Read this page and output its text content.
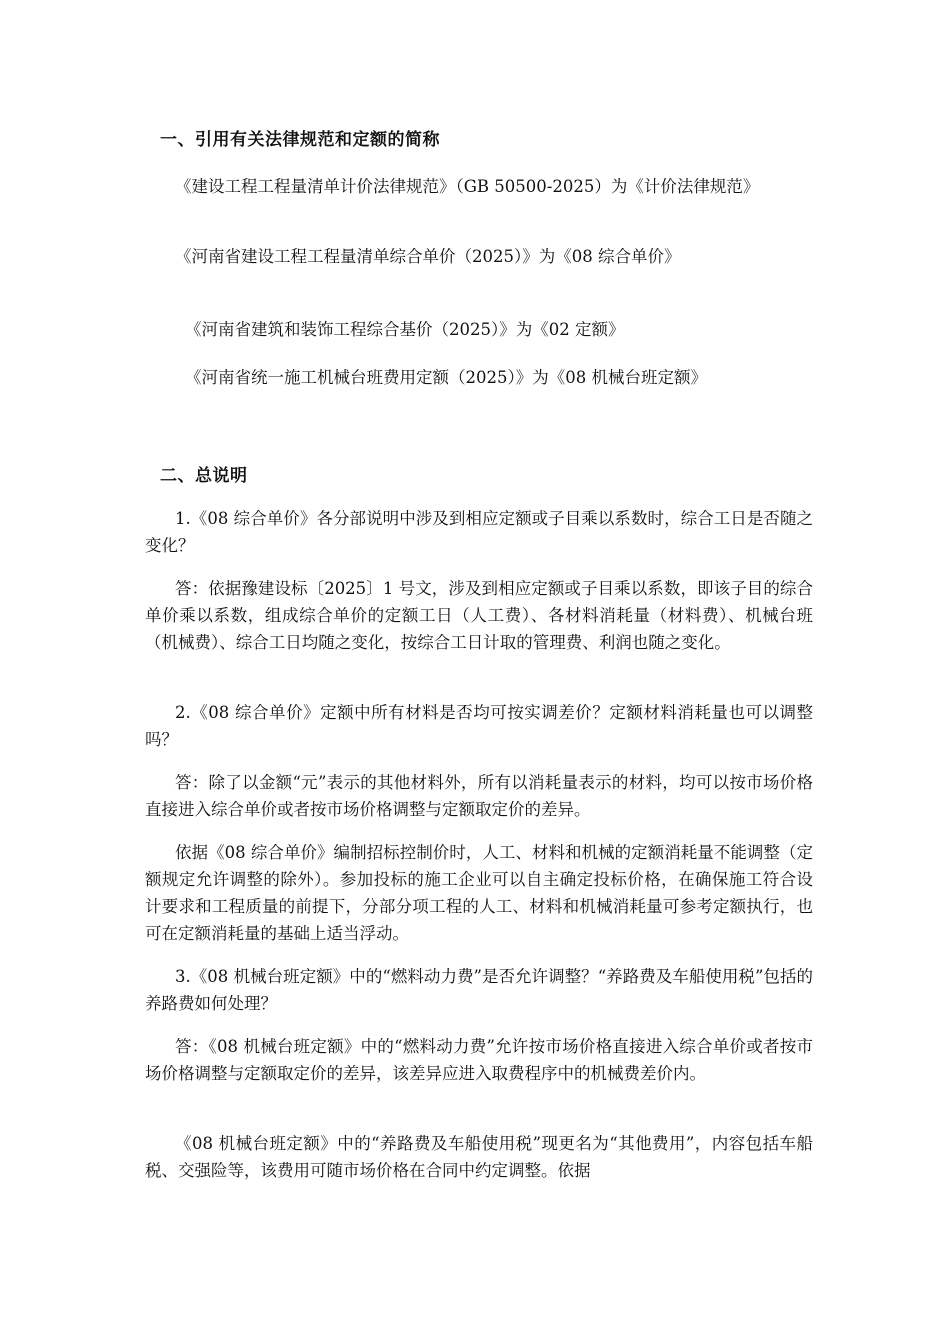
一、引用有关法律规范和定额的简称

《建设工程工程量清单计价法律规范》（GB 50500-2025）为《计价法律规范》

《河南省建设工程工程量清单综合单价（2025）》为《08 综合单价》

《河南省建筑和装饰工程综合基价（2025）》为《02 定额》

《河南省统一施工机械台班费用定额（2025）》为《08 机械台班定额》

二、总说明

1.《08 综合单价》各分部说明中涉及到相应定额或子目乘以系数时，综合工日是否随之变化？

答：依据豫建设标〔2025〕1 号文，涉及到相应定额或子目乘以系数，即该子目的综合单价乘以系数，组成综合单价的定额工日（人工费）、各材料消耗量（材料费）、机械台班（机械费）、综合工日均随之变化，按综合工日计取的管理费、利润也随之变化。

2.《08 综合单价》定额中所有材料是否均可按实调差价？定额材料消耗量也可以调整吗？

答：除了以金额“元”表示的其他材料外，所有以消耗量表示的材料，均可以按市场价格直接进入综合单价或者按市场价格调整与定额取定价的差异。

依据《08 综合单价》编制招标控制价时，人工、材料和机械的定额消耗量不能调整（定额规定允许调整的除外）。参加投标的施工企业可以自主确定投标价格，在确保施工符合设计要求和工程质量的前提下，分部分项工程的人工、材料和机械消耗量可参考定额执行，也可在定额消耗量的基础上适当浮动。

3.《08 机械台班定额》中的“燃料动力费”是否允许调整？“养路费及车船使用税”包括的养路费如何处理？

答：《08 机械台班定额》中的“燃料动力费”允许按市场价格直接进入综合单价或者按市场价格调整与定额取定价的差异，该差异应进入取费程序中的机械费差价内。

《08 机械台班定额》中的“养路费及车船使用税”现更名为“其他费用”，内容包括车船税、交强险等，该费用可随市场价格在合同中约定调整。依据
